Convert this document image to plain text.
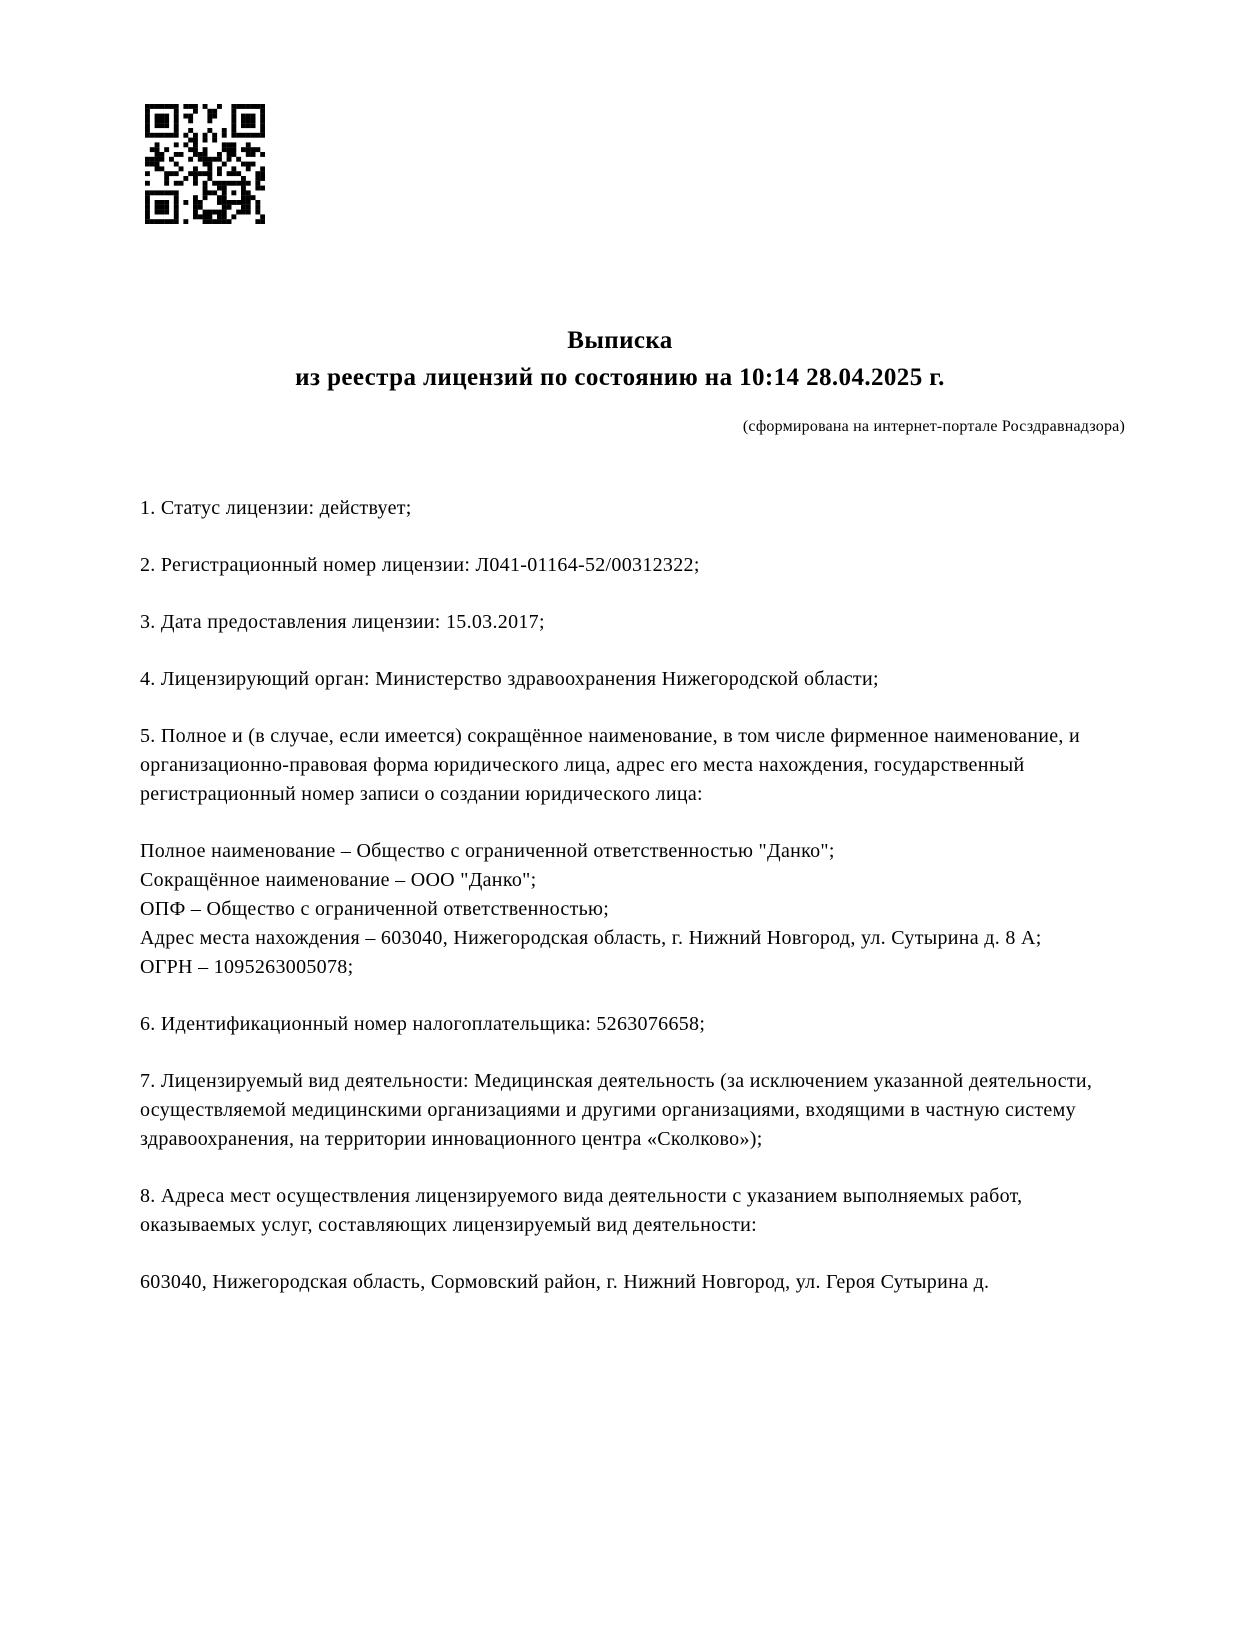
Выписка
из реестра лицензий по состоянию на 10:14 28.04.2025 г.
(сформирована на интернет-портале Росздравнадзора)

1. Статус лицензии: действует;

2. Регистрационный номер лицензии: Л041-01164-52/00312322;

3. Дата предоставления лицензии: 15.03.2017;

4. Лицензирующий орган: Министерство здравоохранения Нижегородской области;

5. Полное и (в случае, если имеется) сокращённое наименование, в том числе фирменное наименование, и организационно-правовая форма юридического лица, адрес его места нахождения, государственный регистрационный номер записи о создании юридического лица:

Полное наименование – Общество с ограниченной ответственностью "Данко";
Сокращённое наименование – ООО "Данко";
ОПФ – Общество с ограниченной ответственностью;
Адрес места нахождения – 603040, Нижегородская область, г. Нижний Новгород, ул. Сутырина д. 8 А;
ОГРН – 1095263005078;

6. Идентификационный номер налогоплательщика: 5263076658;

7. Лицензируемый вид деятельности: Медицинская деятельность (за исключением указанной деятельности, осуществляемой медицинскими организациями и другими организациями, входящими в частную систему здравоохранения, на территории инновационного центра «Сколково»);

8. Адреса мест осуществления лицензируемого вида деятельности с указанием выполняемых работ, оказываемых услуг, составляющих лицензируемый вид деятельности:

603040, Нижегородская область, Сормовский район, г. Нижний Новгород, ул. Героя Сутырина д.
